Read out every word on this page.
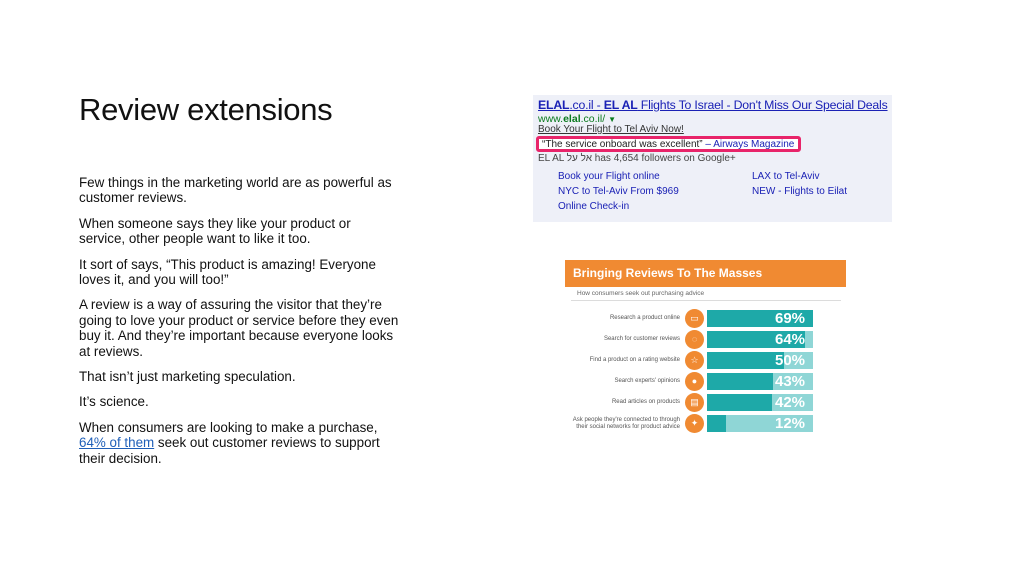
Review extensions

Few things in the marketing world are as powerful as customer reviews.

When someone says they like your product or service, other people want to like it too.

It sort of says, “This product is amazing! Everyone loves it, and you will too!”

A review is a way of assuring the visitor that they’re going to love your product or service before they even buy it. And they’re important because everyone looks at reviews.

That isn’t just marketing speculation.

It’s science.

When consumers are looking to make a purchase, 64% of them seek out customer reviews to support their decision.

ELAL.co.il - EL AL Flights To Israel - Don't Miss Our Special Deals
www.elal.co.il/ ▼
Book Your Flight to Tel Aviv Now!
“The service onboard was excellent” – Airways Magazine
EL AL אל על has 4,654 followers on Google+
Book your Flight online	LAX to Tel-Aviv
NYC to Tel-Aviv From $969	NEW - Flights to Eilat
Online Check-in
Bringing Reviews To The Masses
How consumers seek out purchasing advice
Research a product online	▭	69%
Search for customer reviews	◌	64%
Find a product on a rating website	☆	50%
Search experts' opinions	●	43%
Read articles on products	▤	42%
Ask people they're connected to through their social networks for product advice	✦	12%
